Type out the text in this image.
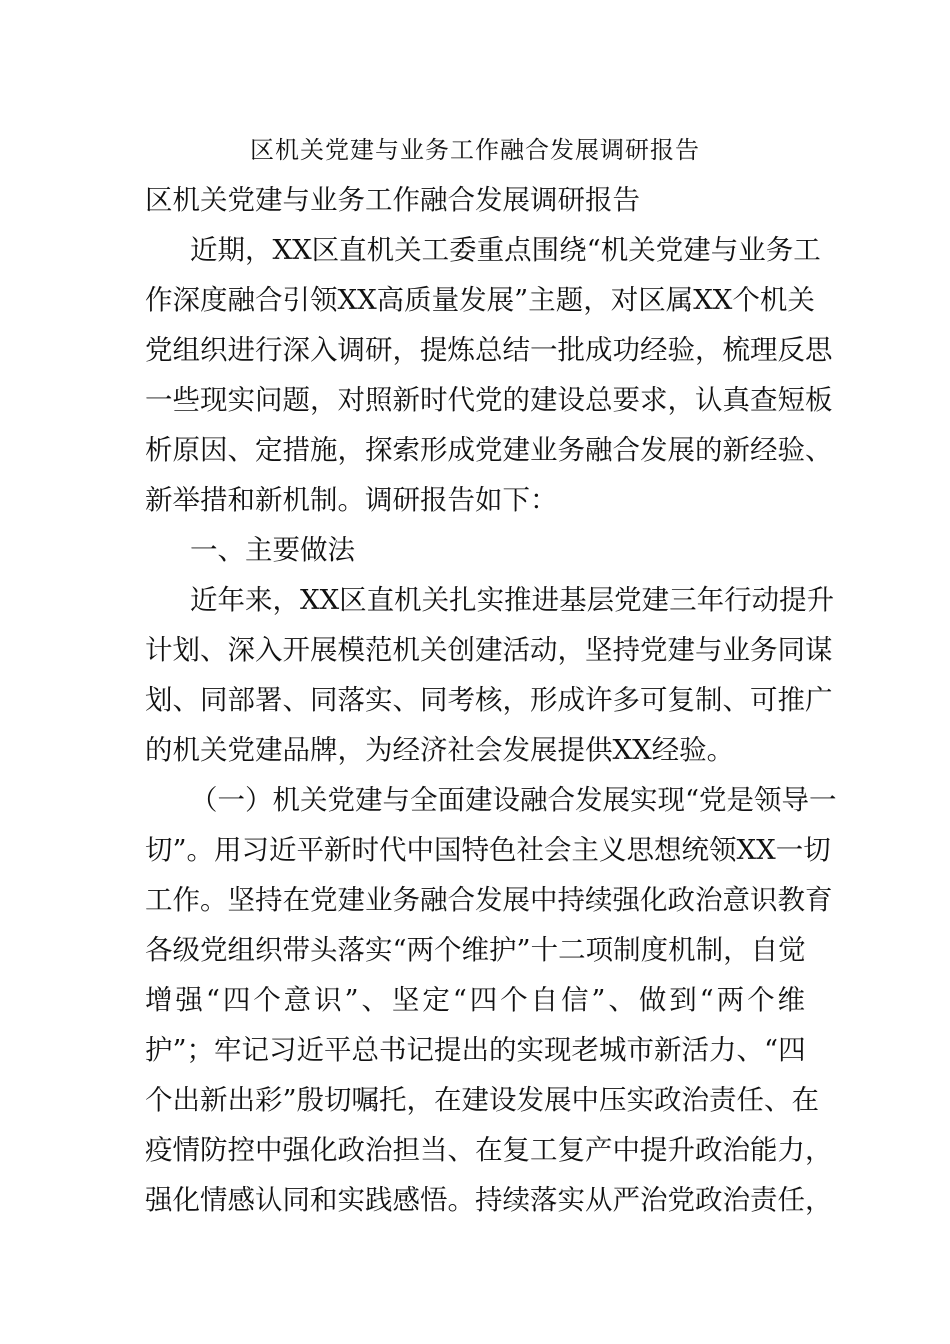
区机关党建与业务工作融合发展调研报告
区机关党建与业务工作融合发展调研报告
近期，XX区直机关工委重点围绕“机关党建与业务工
作深度融合引领XX高质量发展”主题，对区属XX个机关
党组织进行深入调研，提炼总结一批成功经验，梳理反思
一些现实问题，对照新时代党的建设总要求，认真查短板
析原因、定措施，探索形成党建业务融合发展的新经验、
新举措和新机制。调研报告如下：
一、主要做法
近年来，XX区直机关扎实推进基层党建三年行动提升
计划、深入开展模范机关创建活动，坚持党建与业务同谋
划、同部署、同落实、同考核，形成许多可复制、可推广
的机关党建品牌，为经济社会发展提供XX经验。
（一）机关党建与全面建设融合发展实现“党是领导一
切”。用习近平新时代中国特色社会主义思想统领XX一切
工作。坚持在党建业务融合发展中持续强化政治意识教育
各级党组织带头落实“两个维护”十二项制度机制，自觉
增强“四个意识”、坚定“四个自信”、做到“两个维
护”；牢记习近平总书记提出的实现老城市新活力、“四
个出新出彩”殷切嘱托，在建设发展中压实政治责任、在
疫情防控中强化政治担当、在复工复产中提升政治能力，
强化情感认同和实践感悟。持续落实从严治党政治责任，
